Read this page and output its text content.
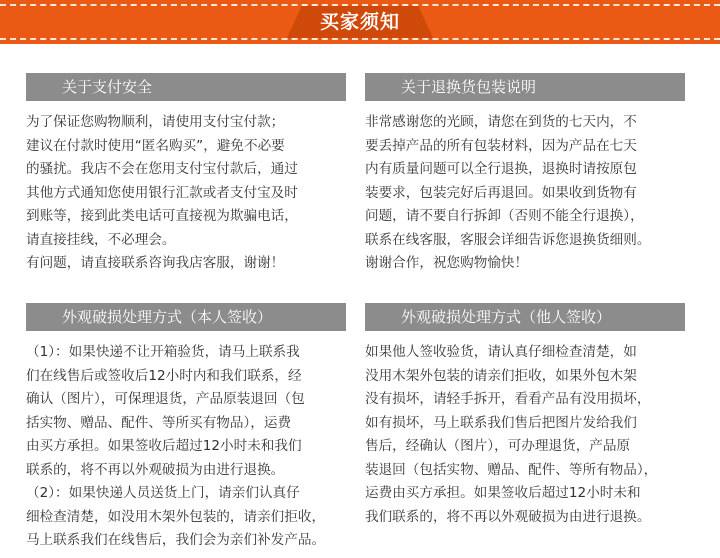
买家须知
关于支付安全	关于退换货包装说明
外观破损处理方式（本人签收）	外观破损处理方式（他人签收）
为了保证您购物顺利，请使用支付宝付款；
建议在付款时使用“匿名购买”，避免不必要
的骚扰。我店不会在您用支付宝付款后，通过
其他方式通知您使用银行汇款或者支付宝及时
到账等，接到此类电话可直接视为欺骗电话，
请直接挂线，不必理会。
有问题，请直接联系咨询我店客服，谢谢！
非常感谢您的光顾，请您在到货的七天内，不
要丢掉产品的所有包装材料，因为产品在七天
内有质量问题可以全行退换，退换时请按原包
装要求，包装完好后再退回。如果收到货物有
问题，请不要自行拆卸（否则不能全行退换），
联系在线客服，客服会详细告诉您退换货细则。
谢谢合作，祝您购物愉快！
（1）：如果快递不让开箱验货，请马上联系我
们在线售后或签收后12小时内和我们联系，经
确认（图片），可保理退货，产品原装退回（包
括实物、赠品、配件、等所买有物品），运费
由买方承担。如果签收后超过12小时未和我们
联系的，将不再以外观破损为由进行退换。
（2）：如果快递人员送货上门，请亲们认真仔
细检查清楚，如没用木架外包装的，请亲们拒收，
马上联系我们在线售后，我们会为亲们补发产品。
如果他人签收验货，请认真仔细检查清楚，如
没用木架外包装的请亲们拒收，如果外包木架
没有损坏，请轻手拆开，看看产品有没用损坏，
如有损坏，马上联系我们售后把图片发给我们
售后，经确认（图片），可办理退货，产品原
装退回（包括实物、赠品、配件、等所有物品），
运费由买方承担。如果签收后超过12小时未和
我们联系的，将不再以外观破损为由进行退换。
